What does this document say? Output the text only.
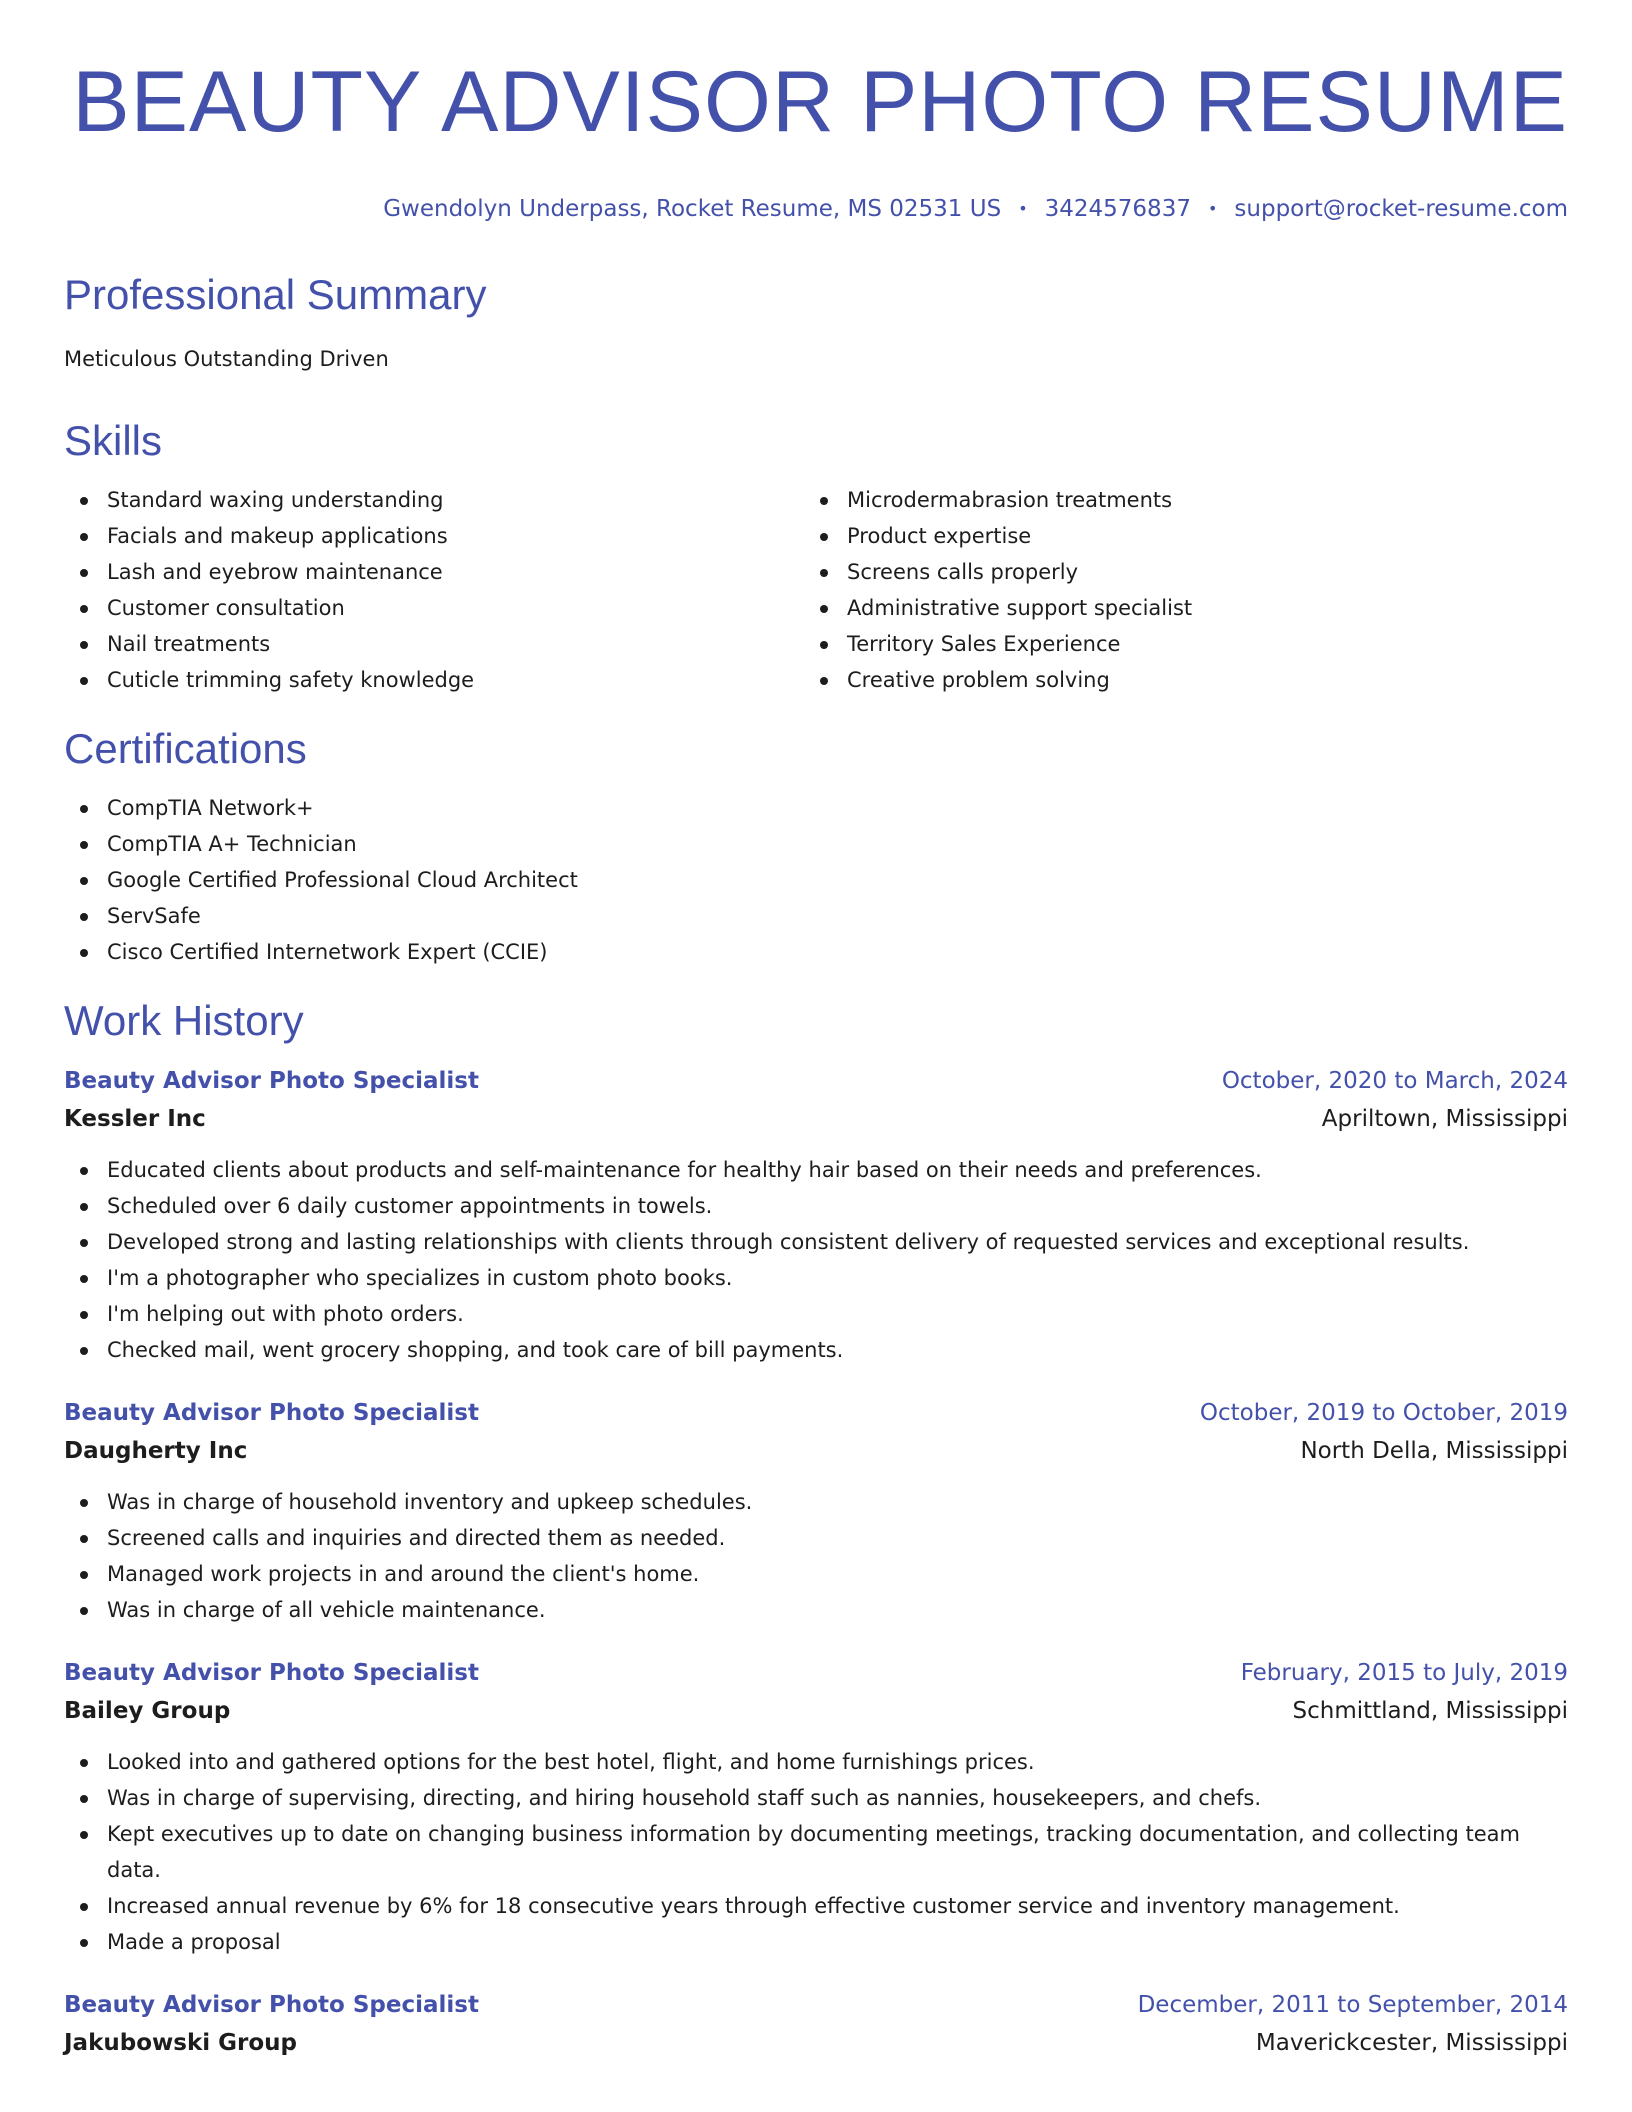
BEAUTY ADVISOR PHOTO RESUME
Gwendolyn Underpass, Rocket Resume, MS 02531 US • 3424576837 • support@rocket-resume.com
Professional Summary

Meticulous Outstanding Driven

Skills
Standard waxing understanding
Facials and makeup applications
Lash and eyebrow maintenance
Customer consultation
Nail treatments
Cuticle trimming safety knowledge
Microdermabrasion treatments
Product expertise
Screens calls properly
Administrative support specialist
Territory Sales Experience
Creative problem solving
Certifications
CompTIA Network+
CompTIA A+ Technician
Google Certified Professional Cloud Architect
ServSafe
Cisco Certified Internetwork Expert (CCIE)
Work History
Beauty Advisor Photo Specialist	October, 2020 to March, 2024
Kessler Inc	Apriltown, Mississippi
Educated clients about products and self-maintenance for healthy hair based on their needs and preferences.
Scheduled over 6 daily customer appointments in towels.
Developed strong and lasting relationships with clients through consistent delivery of requested services and exceptional results.
I'm a photographer who specializes in custom photo books.
I'm helping out with photo orders.
Checked mail, went grocery shopping, and took care of bill payments.
Beauty Advisor Photo Specialist	October, 2019 to October, 2019
Daugherty Inc	North Della, Mississippi
Was in charge of household inventory and upkeep schedules.
Screened calls and inquiries and directed them as needed.
Managed work projects in and around the client's home.
Was in charge of all vehicle maintenance.
Beauty Advisor Photo Specialist	February, 2015 to July, 2019
Bailey Group	Schmittland, Mississippi
Looked into and gathered options for the best hotel, flight, and home furnishings prices.
Was in charge of supervising, directing, and hiring household staff such as nannies, housekeepers, and chefs.
Kept executives up to date on changing business information by documenting meetings, tracking documentation, and collecting team data.
Increased annual revenue by 6% for 18 consecutive years through effective customer service and inventory management.
Made a proposal
Beauty Advisor Photo Specialist	December, 2011 to September, 2014
Jakubowski Group	Maverickcester, Mississippi
